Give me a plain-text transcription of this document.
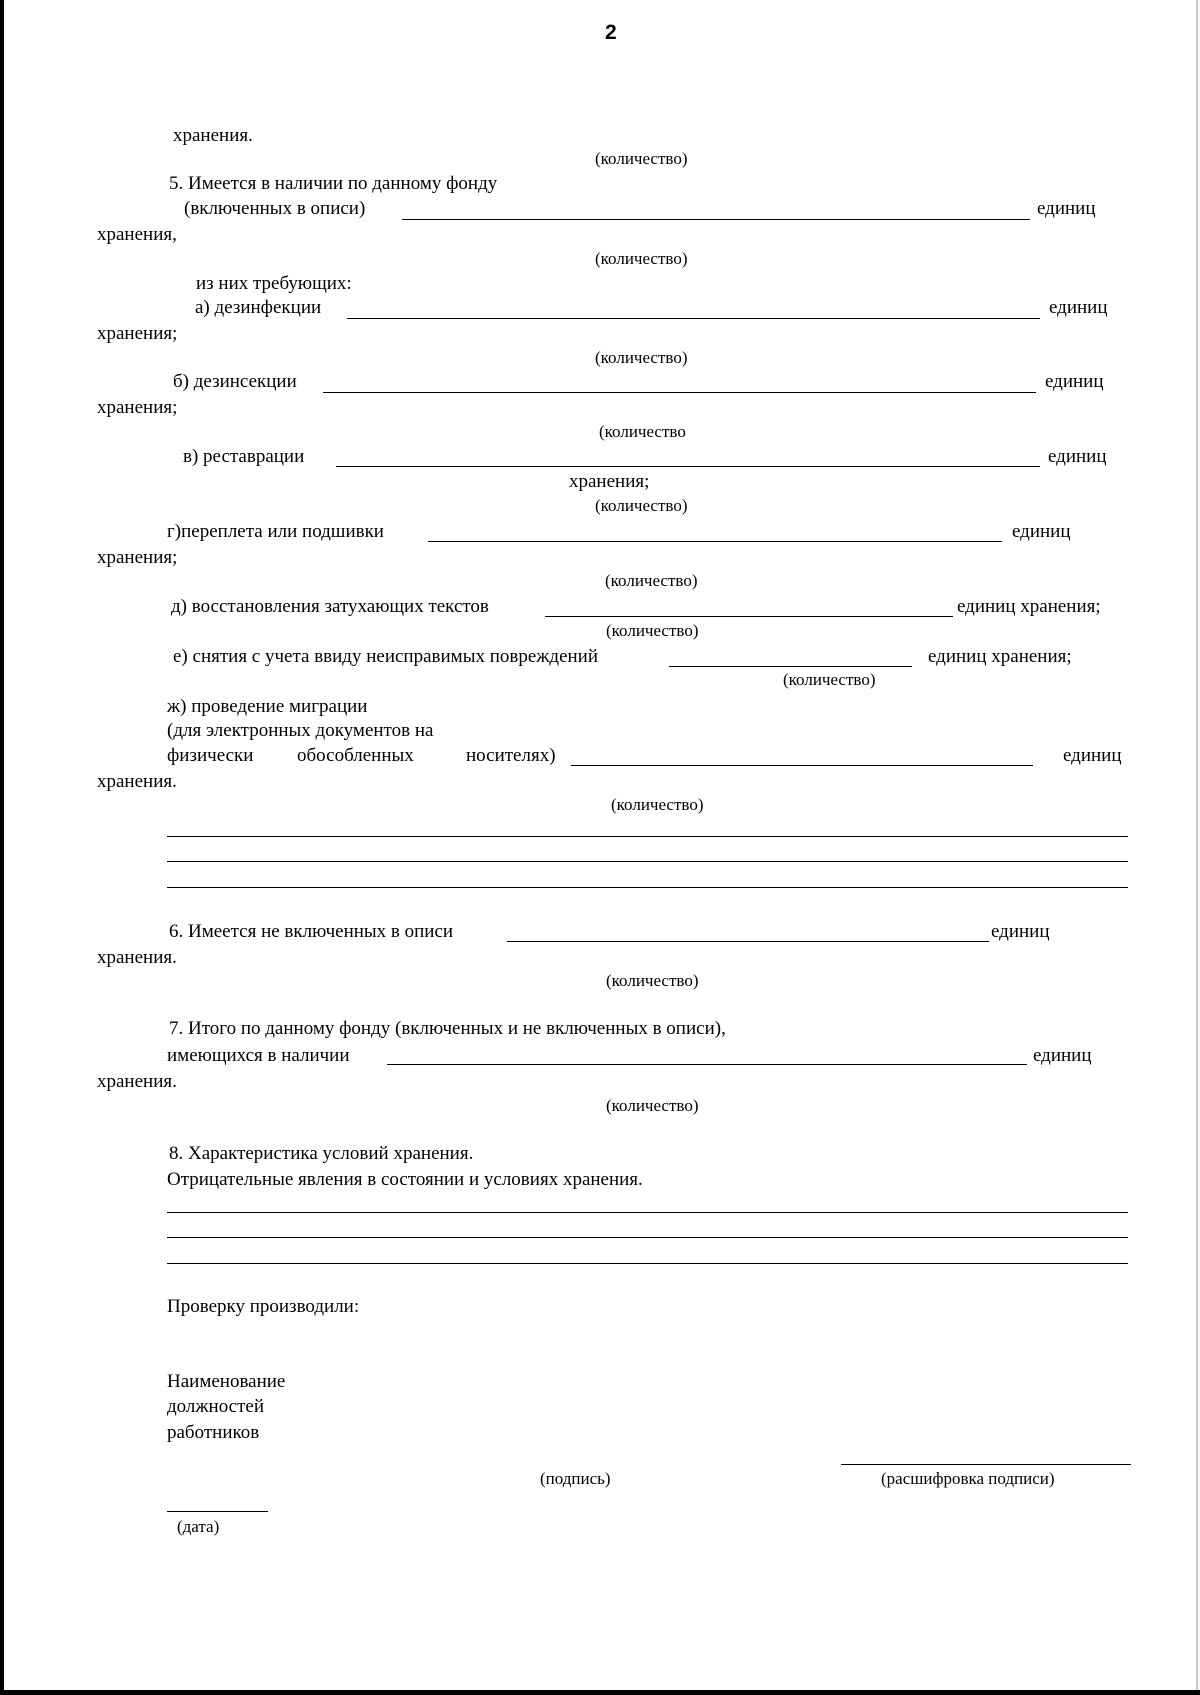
2
хранения.
(количество)
5. Имеется в наличии по данному фонду
(включенных в описи)	единиц
хранения,
(количество)
из них требующих:
а) дезинфекции	единиц
хранения;
(количество)
б) дезинсекции	единиц
хранения;
(количество
в) реставрации	единиц
хранения;
(количество)
г)переплета или подшивки	единиц
хранения;
(количество)
д) восстановления затухающих текстов	единиц хранения;
(количество)
е) снятия с учета ввиду неисправимых повреждений	единиц хранения;
(количество)
ж) проведение миграции
(для электронных документов на
физически обособленных	носителях)	единиц
хранения.
(количество)
6. Имеется не включенных в описи	единиц
хранения.
(количество)
7. Итого по данному фонду (включенных и не включенных в описи),
имеющихся в наличии	единиц
хранения.
(количество)
8. Характеристика условий хранения.
Отрицательные явления в состоянии и условиях хранения.
Проверку производили:
Наименование
должностей
работников
(подпись)	(расшифровка подписи)
(дата)
